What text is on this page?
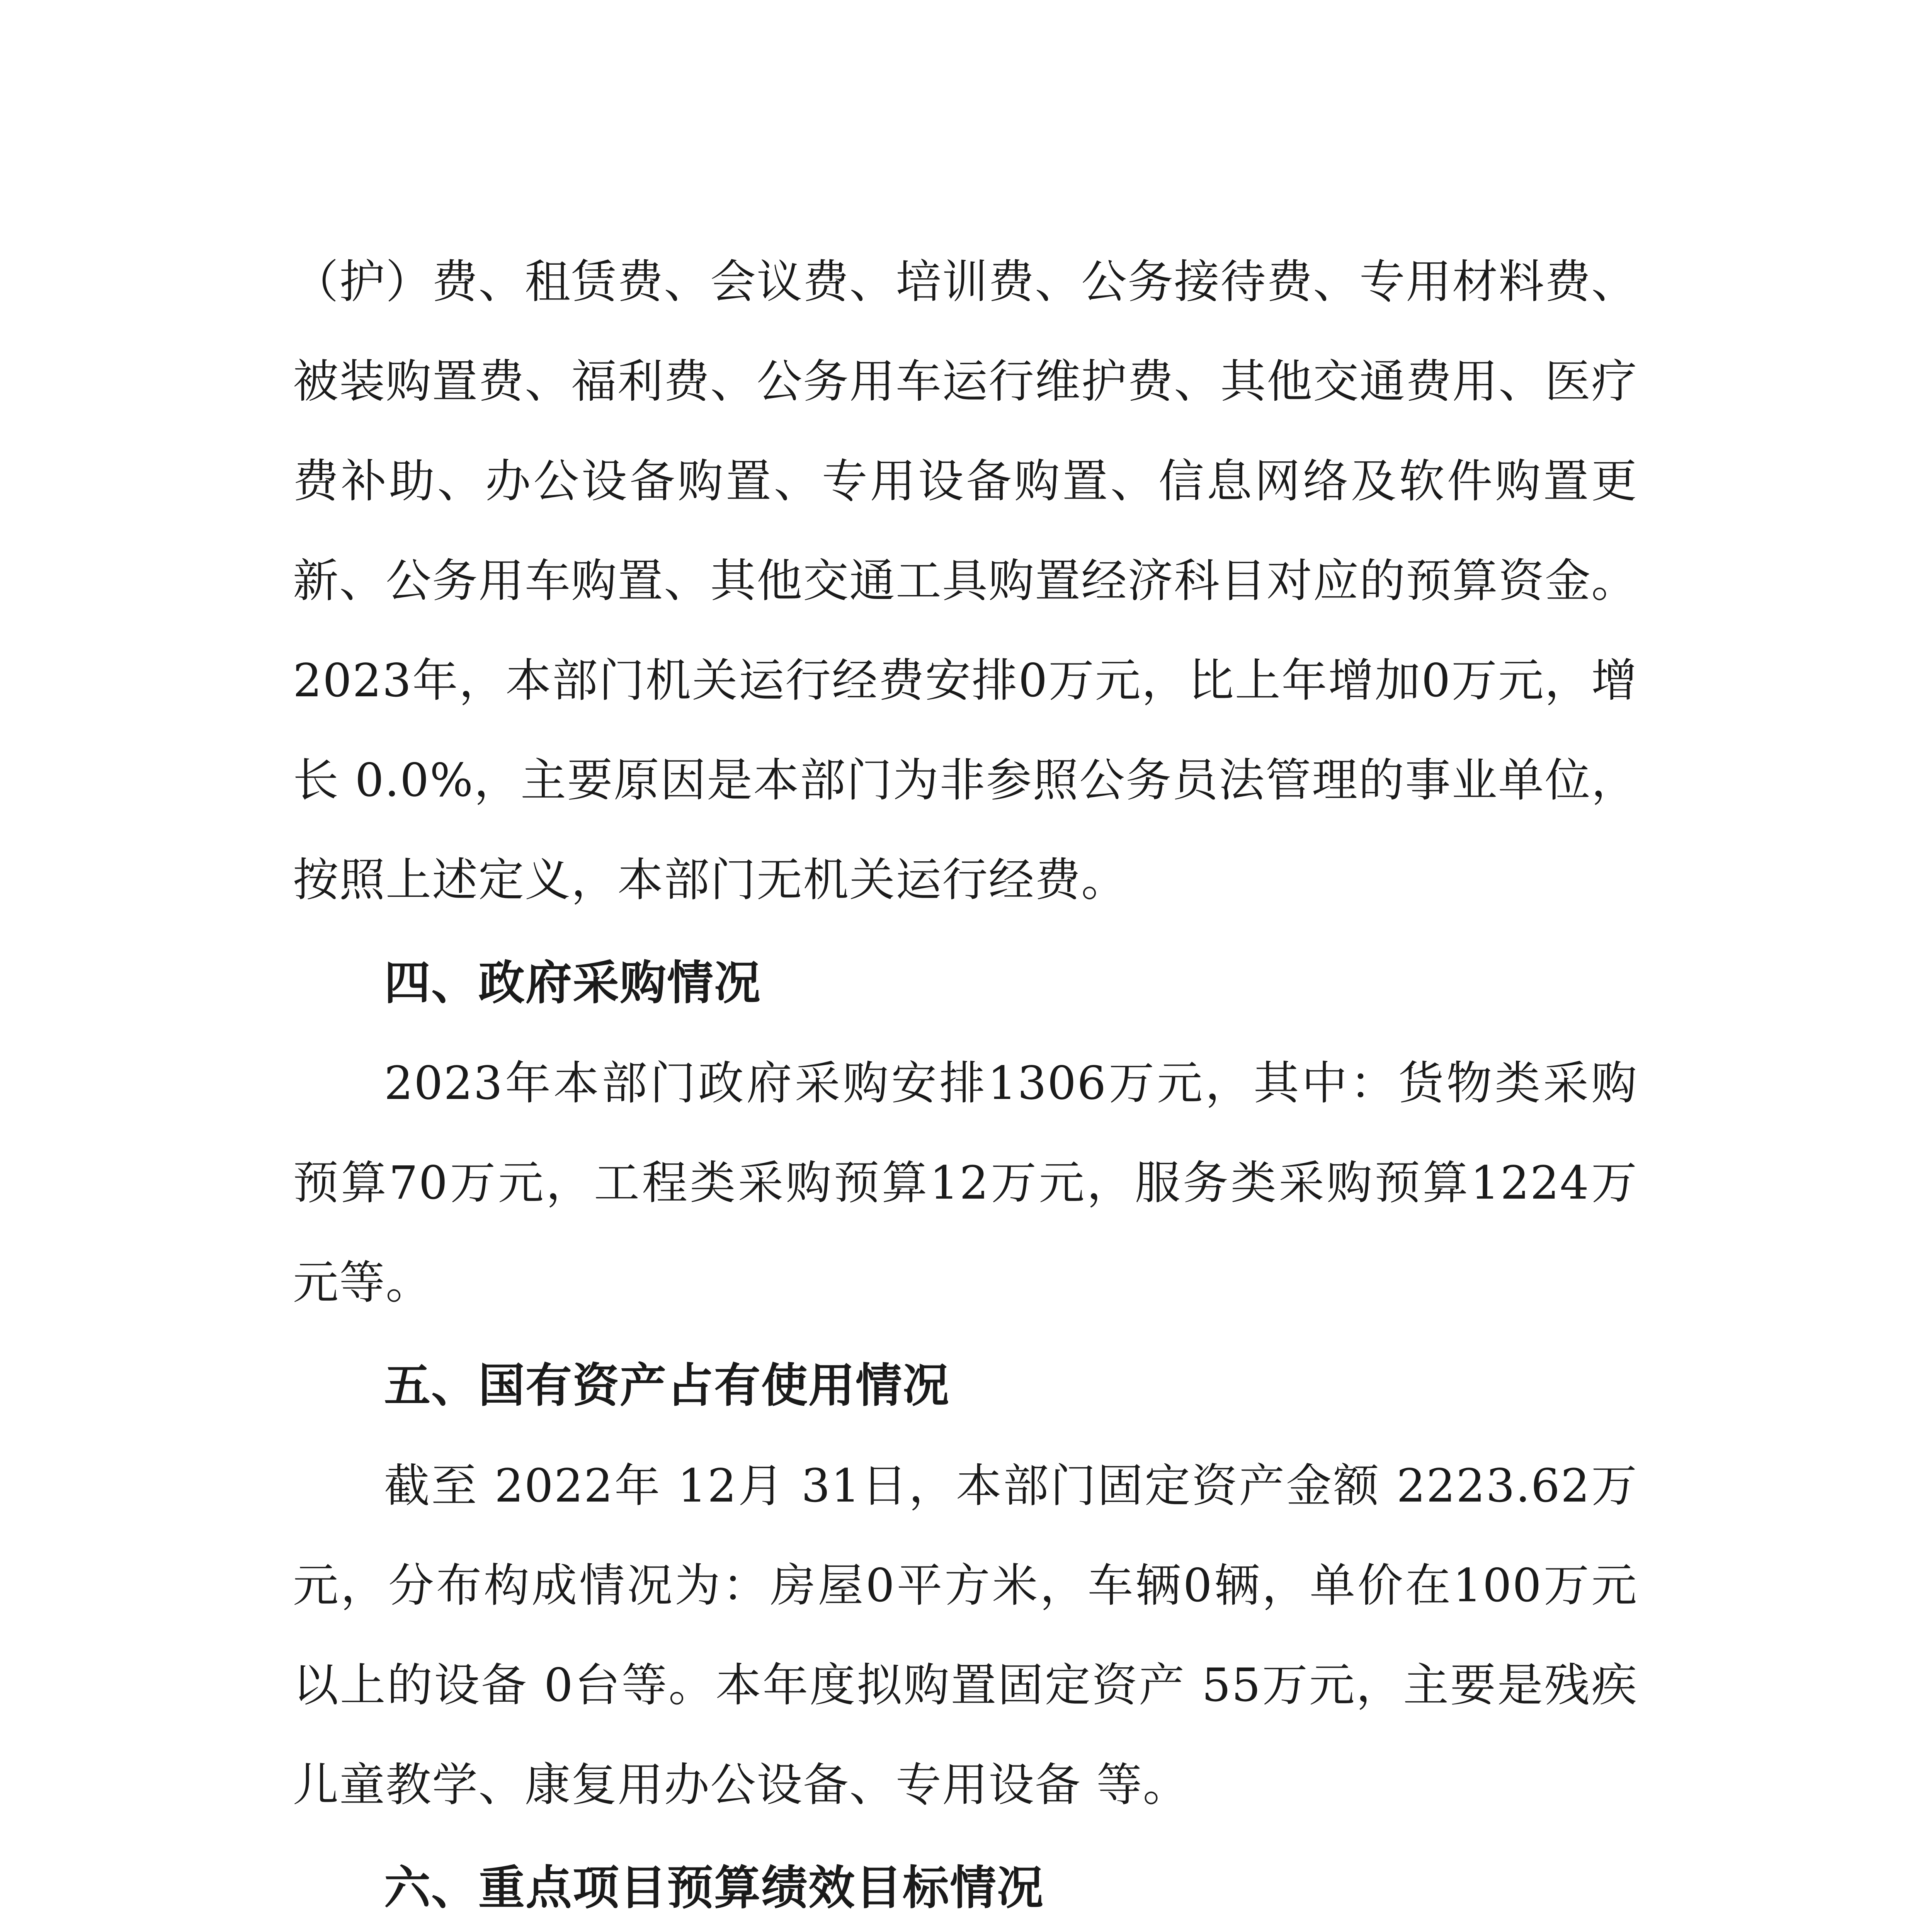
（护）费、租赁费、会议费、培训费、公务接待费、专用材料费、被装购置费、福利费、公务用车运行维护费、其他交通费用、医疗费补助、办公设备购置、专用设备购置、信息网络及软件购置更新、公务用车购置、其他交通工具购置经济科目对应的预算资金。2023年，本部门机关运行经费安排0万元，比上年增加0万元，增长 0.0%，主要原因是本部门为非参照公务员法管理的事业单位，按照上述定义，本部门无机关运行经费。

四、政府采购情况

2023年本部门政府采购安排1306万元，其中：货物类采购预算70万元，工程类采购预算12万元，服务类采购预算1224万元等。

五、国有资产占有使用情况

截至 2022年 12月 31日，本部门固定资产金额 2223.62万元，分布构成情况为：房屋0平方米，车辆0辆，单价在100万元以上的设备 0台等。本年度拟购置固定资产 55万元，主要是残疾儿童教学、康复用办公设备、专用设备 等。

六、重点项目预算绩效目标情况
